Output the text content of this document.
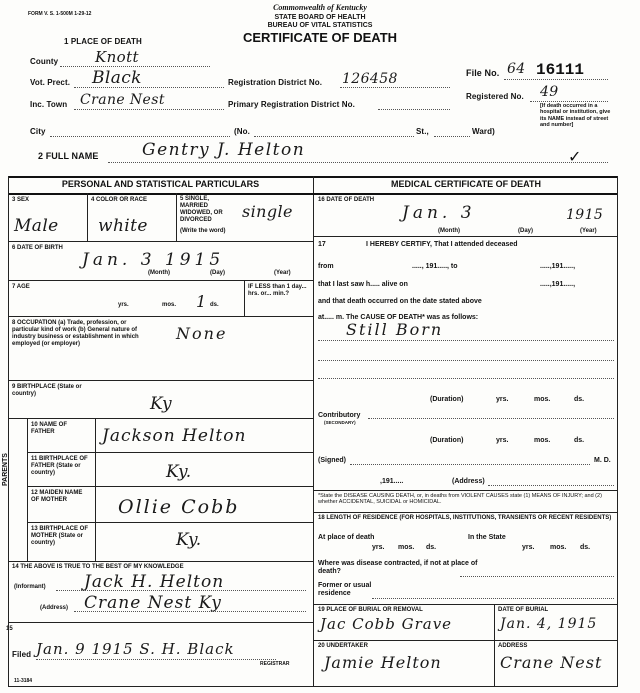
FORM V. S. 1-500M 1-29-12
Commonwealth of Kentucky
STATE BOARD OF HEALTH
BUREAU OF VITAL STATISTICS
CERTIFICATE OF DEATH
1 PLACE OF DEATH
County Knott
Vot. Prect. Black	Registration District No. 126458
Inc. Town Crane Nest	Primary Registration District No.
City	(No.	St.,	Ward)
File No. 64 16111
Registered No. 49
[If death occurred in a hospital or institution, give its NAME instead of street and number]
2 FULL NAME	Gentry J. Helton	✓
PERSONAL AND STATISTICAL PARTICULARS	MEDICAL CERTIFICATE OF DEATH
3 SEX
Male
4 COLOR OR RACE
white
5 SINGLE, MARRIED WIDOWED, OR DIVORCED
(Write the word)
single
6 DATE OF BIRTH
Jan. 3 1915
(Month)	(Day)	(Year)
7 AGE
yrs.	mos.	ds.
1
IF LESS than 1 day... hrs. or... min.?
8 OCCUPATION (a) Trade, profession, or particular kind of work (b) General nature of industry business or establishment in which employed (or employer)
None
9 BIRTHPLACE (State or country)
Ky
PARENTS
10 NAME OF FATHER	Jackson Helton
11 BIRTHPLACE OF FATHER (State or country)	Ky.
12 MAIDEN NAME OF MOTHER	Ollie Cobb
13 BIRTHPLACE OF MOTHER (State or country)	Ky.
14 THE ABOVE IS TRUE TO THE BEST OF MY KNOWLEDGE
(Informant) Jack H. Helton
(Address) Crane Nest Ky
15
Filed Jan. 9 1915 S. H. Black
REGISTRAR
11-3184
16 DATE OF DEATH
Jan. 3	1915
(Month)	(Day)	(Year)
17	I HEREBY CERTIFY, That I attended deceased
from	....., 191....., to	.....,191.....,
that I last saw h..... alive on	.....,191.....,
and that death occurred on the date stated above
at..... m. The CAUSE OF DEATH* was as follows:
Still Born
(Duration)	yrs.	mos.	ds.
Contributory
(SECONDARY)
(Duration)	yrs.	mos.	ds.
(Signed)	M. D.
,191.....	(Address)
*State the DISEASE CAUSING DEATH, or, in deaths from VIOLENT CAUSES state (1) MEANS OF INJURY; and (2) whether ACCIDENTAL, SUICIDAL or HOMICIDAL.
18 LENGTH OF RESIDENCE (FOR HOSPITALS, INSTITUTIONS, TRANSIENTS OR RECENT RESIDENTS)
At place of death
yrs. mos. ds.
In the State
yrs. mos. ds.
Where was disease contracted, if not at place of death?
Former or usual residence
19 PLACE OF BURIAL OR REMOVAL
Jac Cobb Grave
DATE OF BURIAL
Jan. 4, 1915
20 UNDERTAKER
Jamie Helton
ADDRESS
Crane Nest
